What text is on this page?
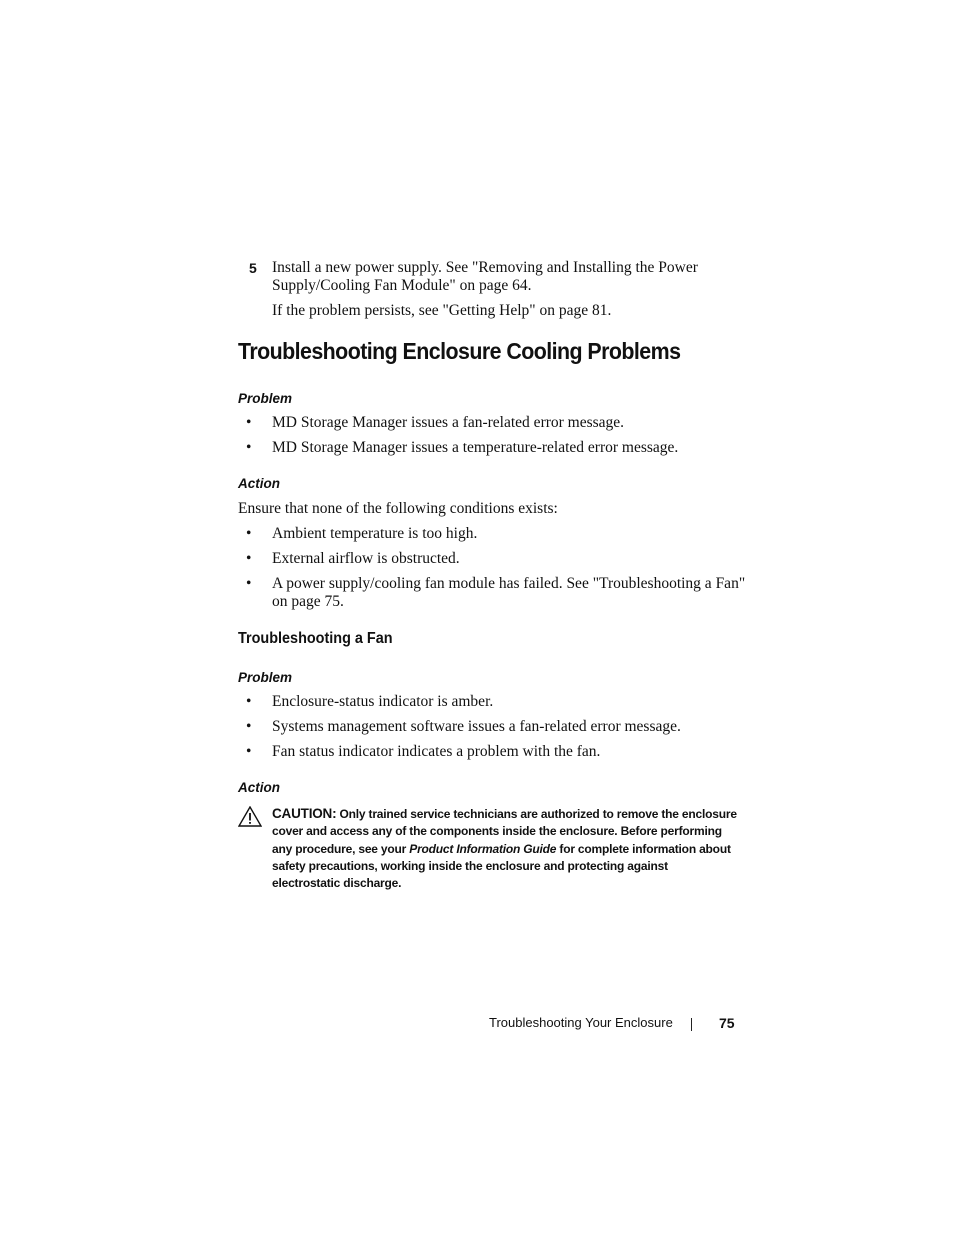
5 Install a new power supply. See "Removing and Installing the Power
Supply/Cooling Fan Module" on page 64.
If the problem persists, see "Getting Help" on page 81.
Troubleshooting Enclosure Cooling Problems

Problem

• MD Storage Manager issues a fan-related error message.
• MD Storage Manager issues a temperature-related error message.

Action

Ensure that none of the following conditions exists:

• Ambient temperature is too high.
• External airflow is obstructed.
• A power supply/cooling fan module has failed. See "Troubleshooting a Fan"
on page 75.
Troubleshooting a Fan

Problem

• Enclosure-status indicator is amber.
• Systems management software issues a fan-related error message.
• Fan status indicator indicates a problem with the fan.

Action

CAUTION: Only trained service technicians are authorized to remove the enclosure cover and access any of the components inside the enclosure. Before performing any procedure, see your Product Information Guide for complete information about safety precautions, working inside the enclosure and protecting against electrostatic discharge.
Troubleshooting Your Enclosure	75
